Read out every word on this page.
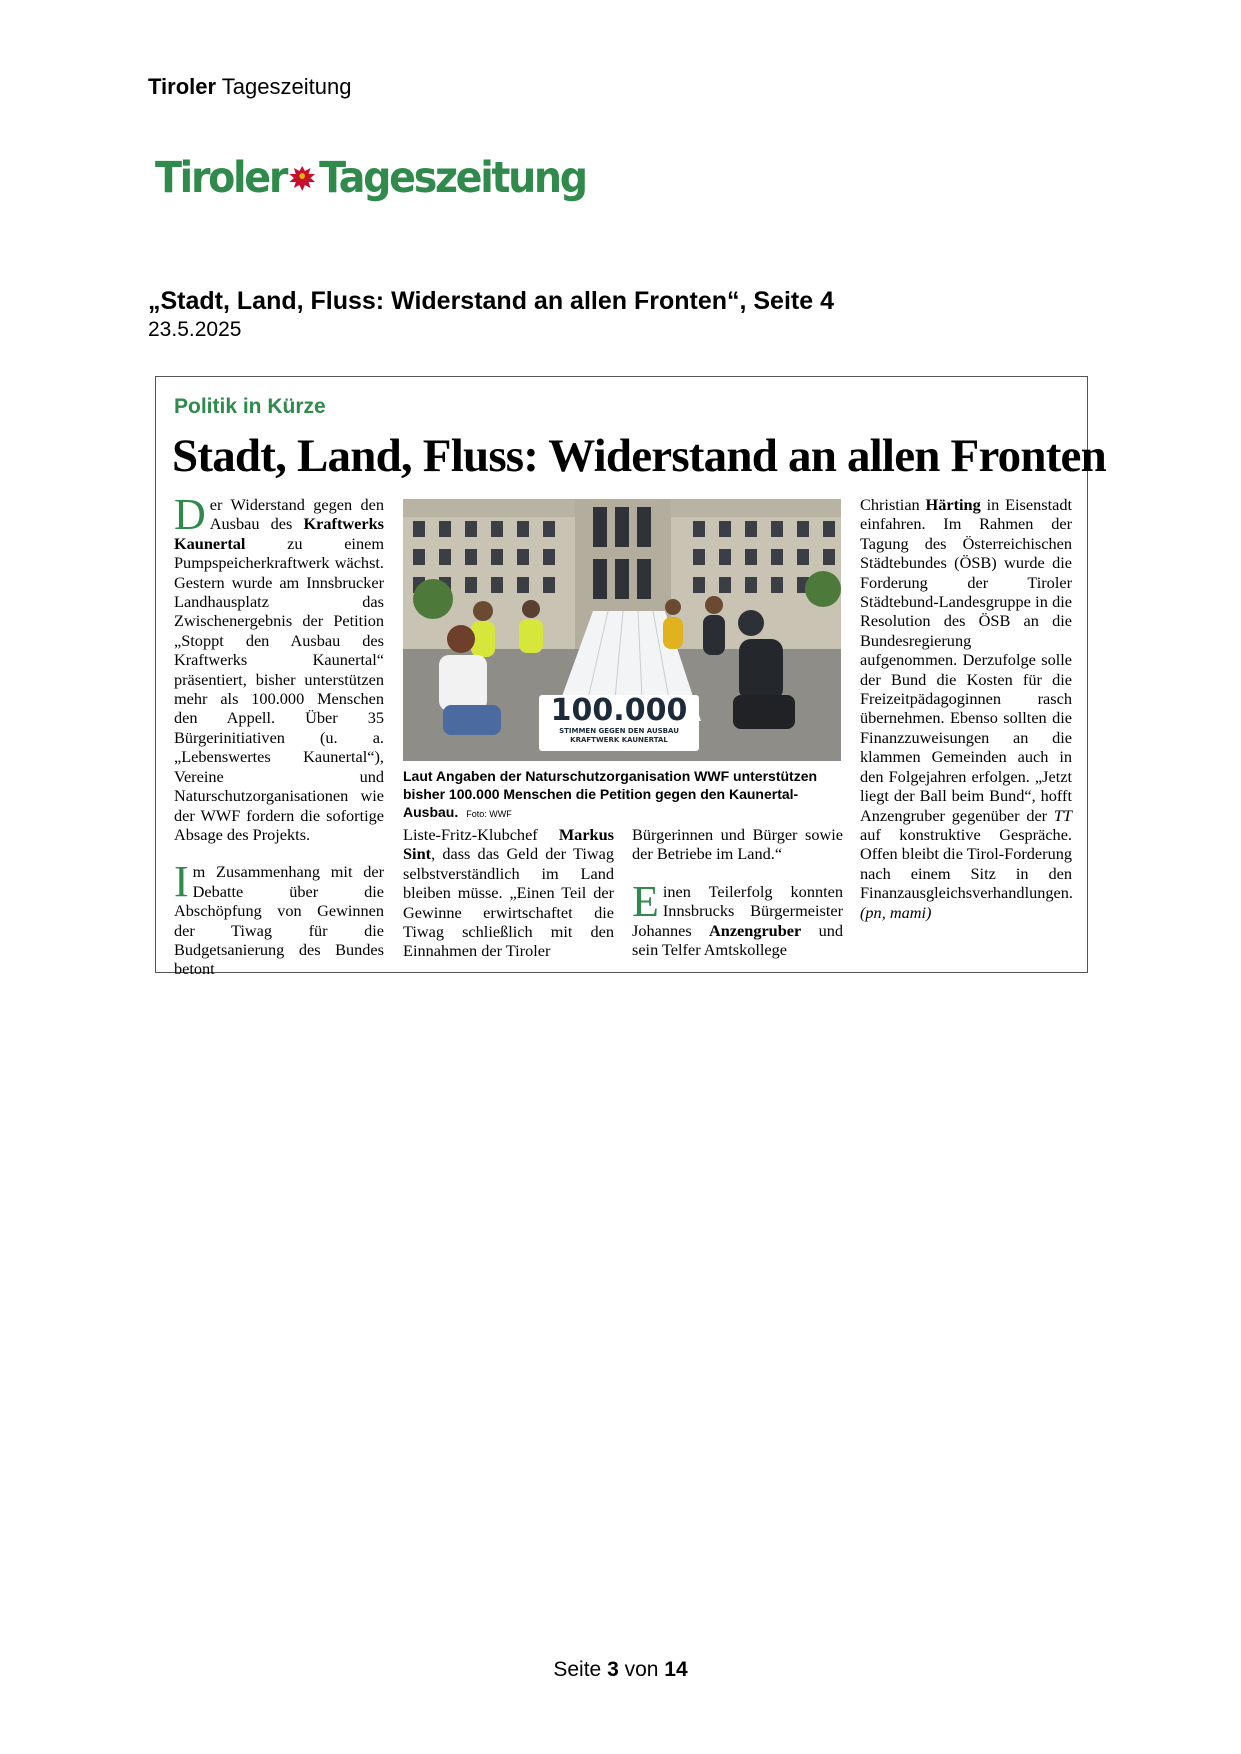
Tiroler Tageszeitung
Tiroler Tageszeitung
„Stadt, Land, Fluss: Widerstand an allen Fronten“, Seite 4
23.5.2025
Politik in Kürze
Stadt, Land, Fluss: Widerstand an allen Fronten

Der Widerstand gegen den Ausbau des Kraftwerks Kaunertal zu einem Pumpspeicherkraftwerk wächst. Gestern wurde am Innsbrucker Landhausplatz das Zwischenergebnis der Petition „Stoppt den Ausbau des Kraftwerks Kaunertal“ präsentiert, bisher unterstützen mehr als 100.000 Menschen den Appell. Über 35 Bürgerinitiativen (u. a. „Lebenswertes Kaunertal“), Vereine und Naturschutzorganisationen wie der WWF fordern die sofortige Absage des Projekts.

Im Zusammenhang mit der Debatte über die Abschöpfung von Gewinnen der Tiwag für die Budgetsanierung des Bundes betont

100.000
STIMMEN GEGEN DEN AUSBAU
KRAFTWERK KAUNERTAL
Laut Angaben der Naturschutzorganisation WWF unterstützen bisher 100.000 Menschen die Petition gegen den Kaunertal-Ausbau. Foto: WWF

Liste-Fritz-Klubchef Markus Sint, dass das Geld der Tiwag selbstverständlich im Land bleiben müsse. „Einen Teil der Gewinne erwirtschaftet die Tiwag schließlich mit den Einnahmen der Tiroler

Bürgerinnen und Bürger sowie der Betriebe im Land.“

Einen Teilerfolg konnten Innsbrucks Bürgermeister Johannes Anzengruber und sein Telfer Amtskollege

Christian Härting in Eisenstadt einfahren. Im Rahmen der Tagung des Österreichischen Städtebundes (ÖSB) wurde die Forderung der Tiroler Städtebund-Landesgruppe in die Resolution des ÖSB an die Bundesregierung aufgenommen. Derzufolge solle der Bund die Kosten für die Freizeitpädagoginnen rasch übernehmen. Ebenso sollten die Finanzzuweisungen an die klammen Gemeinden auch in den Folgejahren erfolgen. „Jetzt liegt der Ball beim Bund“, hofft Anzengruber gegenüber der TT auf konstruktive Gespräche. Offen bleibt die Tirol-Forderung nach einem Sitz in den Finanzausgleichsverhandlungen. (pn, mami)

Seite 3 von 14
